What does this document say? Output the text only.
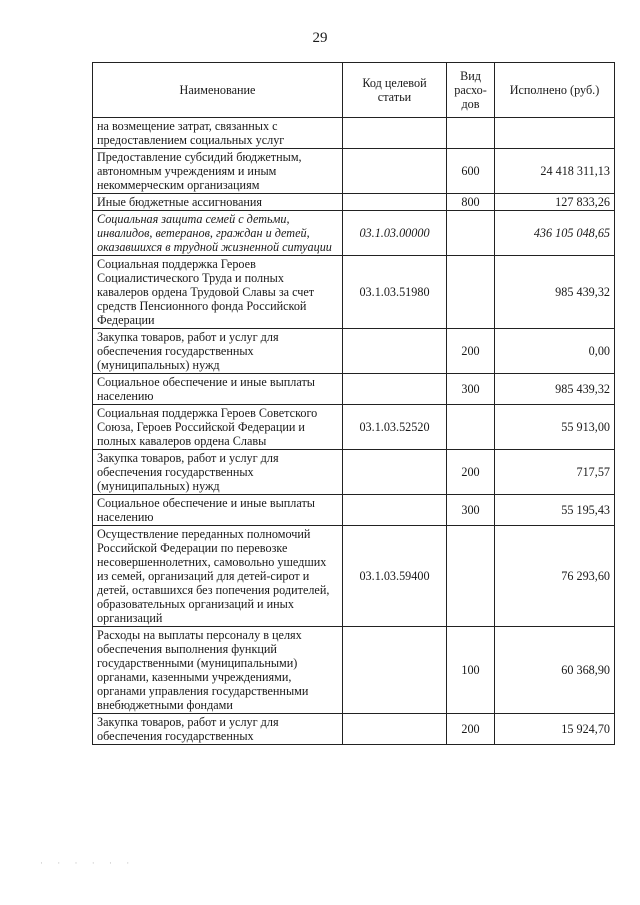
29
Наименование	Код целевой статьи	Вид расхо-дов	Исполнено (руб.)
на возмещение затрат, связанных с предоставлением социальных услуг			
Предоставление субсидий бюджетным, автономным учреждениям и иным некоммерческим организациям		600	24 418 311,13
Иные бюджетные ассигнования		800	127 833,26
Социальная защита семей с детьми, инвалидов, ветеранов, граждан и детей, оказавшихся в трудной жизненной ситуации	03.1.03.00000		436 105 048,65
Социальная поддержка Героев Социалистического Труда и полных кавалеров ордена Трудовой Славы за счет средств Пенсионного фонда Российской Федерации	03.1.03.51980		985 439,32
Закупка товаров, работ и услуг для обеспечения государственных (муниципальных) нужд		200	0,00
Социальное обеспечение и иные выплаты населению		300	985 439,32
Социальная поддержка Героев Советского Союза, Героев Российской Федерации и полных кавалеров ордена Славы	03.1.03.52520		55 913,00
Закупка товаров, работ и услуг для обеспечения государственных (муниципальных) нужд		200	717,57
Социальное обеспечение и иные выплаты населению		300	55 195,43
Осуществление переданных полномочий Российской Федерации по перевозке несовершеннолетних, самовольно ушедших из семей, организаций для детей-сирот и детей, оставшихся без попечения родителей, образовательных организаций и иных организаций	03.1.03.59400		76 293,60
Расходы на выплаты персоналу в целях обеспечения выполнения функций государственными (муниципальными) органами, казенными учреждениями, органами управления государственными внебюджетными фондами		100	60 368,90
Закупка товаров, работ и услуг для обеспечения государственных		200	15 924,70
· · · · · ·
